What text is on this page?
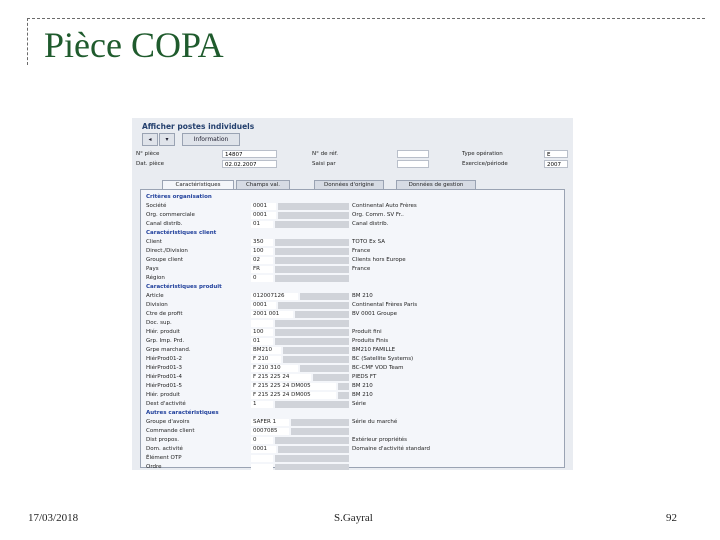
Pièce COPA
Afficher postes individuels
◂	▾	Information
N° pièce	14807
Dat. pièce	02.02.2007
N° de réf.
Saisi par
Type opération	E
Exercice/période	2007
Caractéristiques	Champs val.	Données d'origine	Données de gestion
Critères organisation
Société	0001	Continental Auto Frères
Org. commerciale	0001	Org. Comm. SV Fr..
Canal distrib.	01	Canal distrib.
Caractéristiques client
Client	350	TOTO Ex SA
Direct./Division	100	France
Groupe client	02	Clients hors Europe
Pays	FR	France
Région	0
Caractéristiques produit
Article	012007126	BM 210
Division	0001	Continental Frères Paris
Ctre de profit	2001 001	BV 0001 Groupe
Doc. sup.
Hiér. produit	100	Produit fini
Grp. Imp. Prd.	01	Produits Finis
Grpe marchand.	BM210	BM210 FAMILLE
HiérProd01-2	F 210	BC (Satellite Systems)
HiérProd01-3	F 210 310	BC-CMF VOD Team
HiérProd01-4	F 215 225 24	PIEDS FT
HiérProd01-5	F 215 225 24 DM005	BM 210
Hiér. produit	F 215 225 24 DM005	BM 210
Dest d'activité	1	Série
Autres caractéristiques
Groupe d'avoirs	SAFER 1	Série du marché
Commande client	0007085
Dist propos.	0	Extérieur propriétés
Dom. activité	0001	Domaine d'activité standard
Élément OTP
Ordre
17/03/2018	S.Gayral	92
